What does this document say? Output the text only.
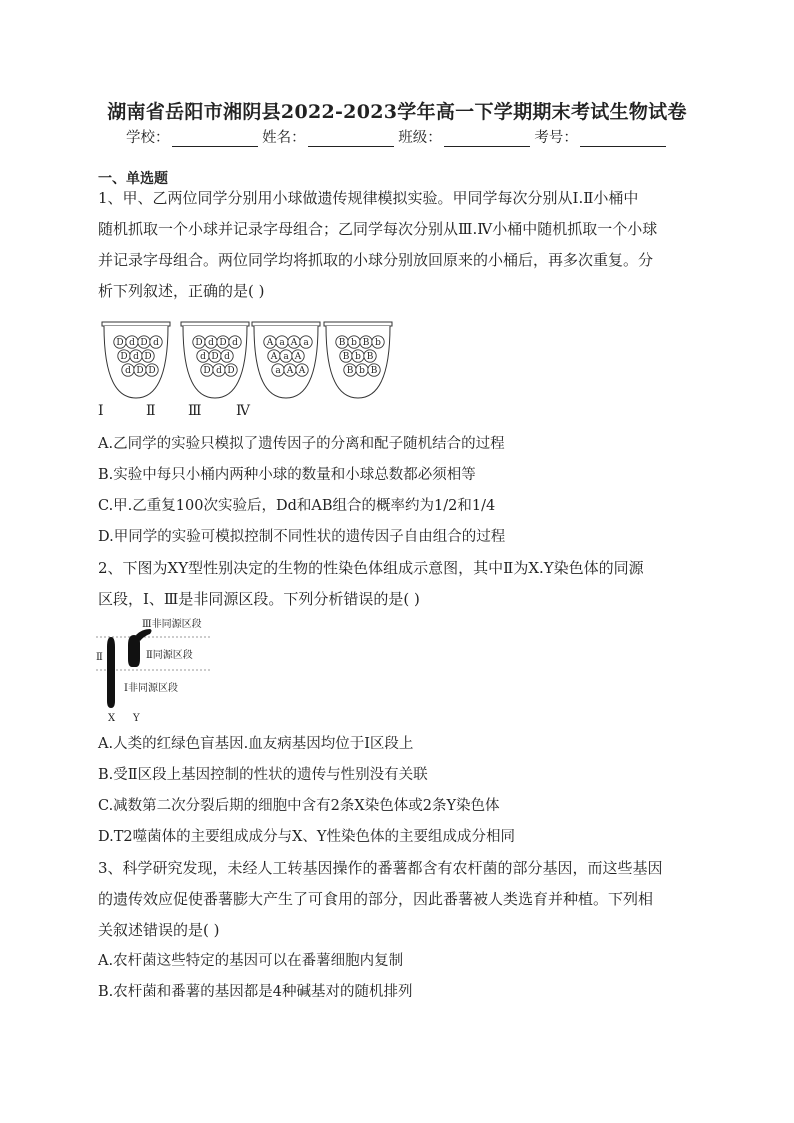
湖南省岳阳市湘阴县2022-2023学年高一下学期期末考试生物试卷
学校：	姓名：	班级：	考号：
一、单选题
1、甲、乙两位同学分别用小球做遗传规律模拟实验。甲同学每次分别从Ⅰ.Ⅱ小桶中
随机抓取一个小球并记录字母组合；乙同学每次分别从Ⅲ.Ⅳ小桶中随机抓取一个小球
并记录字母组合。两位同学均将抓取的小球分别放回原来的小桶后，再多次重复。分
析下列叙述，正确的是( )
D d D d
D d D
d D D
D d D d
d D d
D d D
A a A a
A a A
a A A
B b B b
B b B
B b B
Ⅰ	Ⅱ Ⅲ Ⅳ
A.乙同学的实验只模拟了遗传因子的分离和配子随机结合的过程
B.实验中每只小桶内两种小球的数量和小球总数都必须相等
C.甲.乙重复100次实验后，Dd和AB组合的概率约为1/2和1/4
D.甲同学的实验可模拟控制不同性状的遗传因子自由组合的过程
2、下图为XY型性别决定的生物的性染色体组成示意图，其中Ⅱ为X.Y染色体的同源
区段，Ⅰ、Ⅲ是非同源区段。下列分析错误的是( )
Ⅲ非同源区段
Ⅱ	Ⅱ同源区段
Ⅰ非同源区段
X Y
A.人类的红绿色盲基因.血友病基因均位于Ⅰ区段上
B.受Ⅱ区段上基因控制的性状的遗传与性别没有关联
C.减数第二次分裂后期的细胞中含有2条X染色体或2条Y染色体
D.T2噬菌体的主要组成成分与X、Y性染色体的主要组成成分相同
3、科学研究发现，未经人工转基因操作的番薯都含有农杆菌的部分基因，而这些基因
的遗传效应促使番薯膨大产生了可食用的部分，因此番薯被人类选育并种植。下列相
关叙述错误的是( )
A.农杆菌这些特定的基因可以在番薯细胞内复制
B.农杆菌和番薯的基因都是4种碱基对的随机排列
